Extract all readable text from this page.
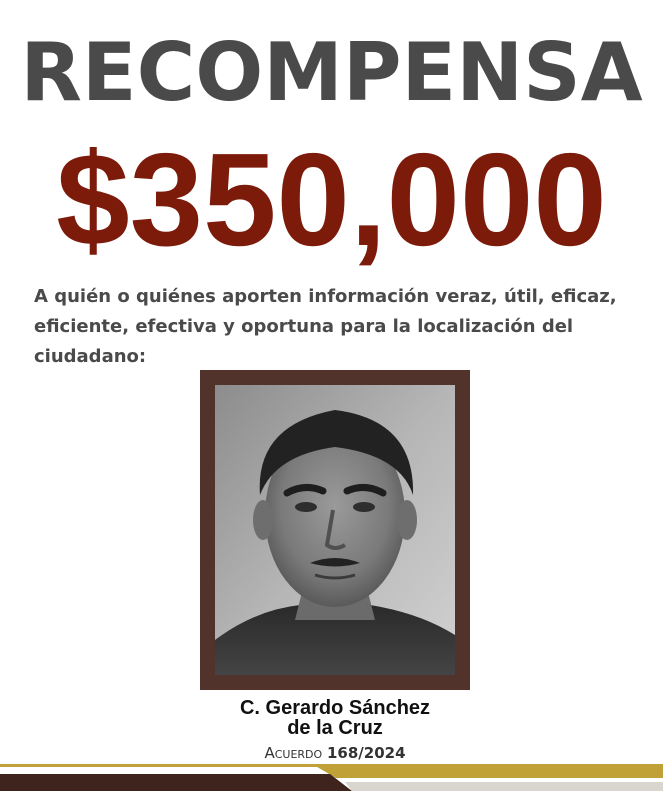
RECOMPENSA
$350,000
A quién o quiénes aporten información veraz, útil, eficaz, eficiente, efectiva y oportuna para la localización del ciudadano:
C. Gerardo Sánchez
de la Cruz
Acuerdo 168/2024
